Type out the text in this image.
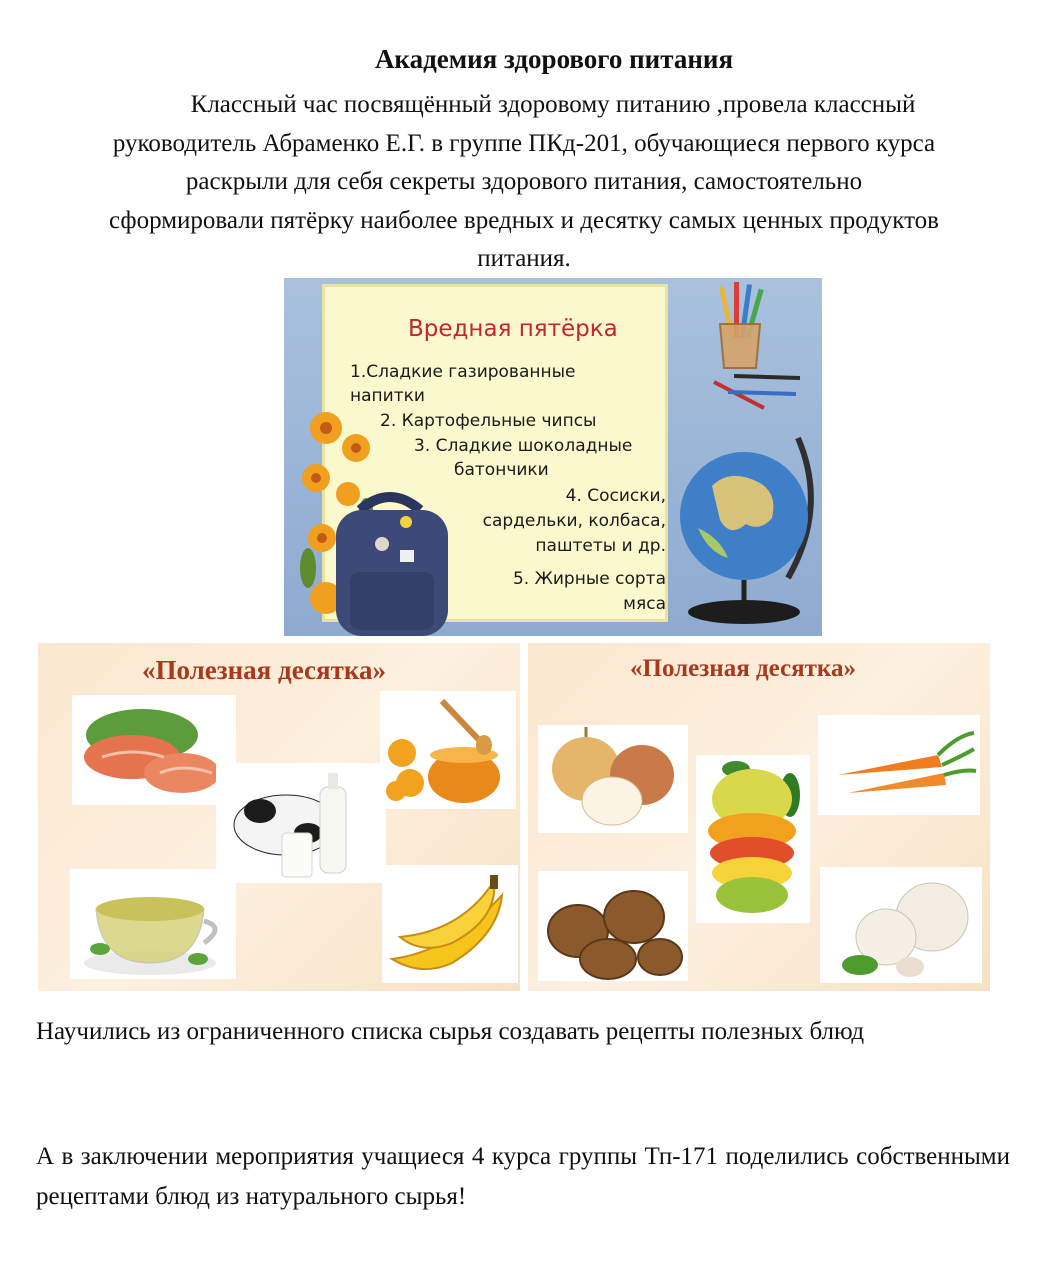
Академия здорового питания
Классный час посвящённый здоровому питанию ,провела классный
руководитель Абраменко Е.Г. в группе ПКд-201, обучающиеся первого курса
раскрыли для себя секреты здорового питания, самостоятельно
сформировали пятёрку наиболее вредных и десятку самых ценных продуктов
питания.
Вредная пятёрка
1.Сладкие газированные
напитки
2. Картофельные чипсы
3. Сладкие шоколадные
батончики
4. Сосиски,
сардельки, колбаса,
паштеты и др.
5. Жирные сорта
мяса
«Полезная десятка»	«Полезная десятка»
Научились из ограниченного списка сырья создавать рецепты полезных блюд
А в заключении мероприятия учащиеся 4 курса группы Тп-171 поделились собственными рецептами блюд из натурального сырья!
